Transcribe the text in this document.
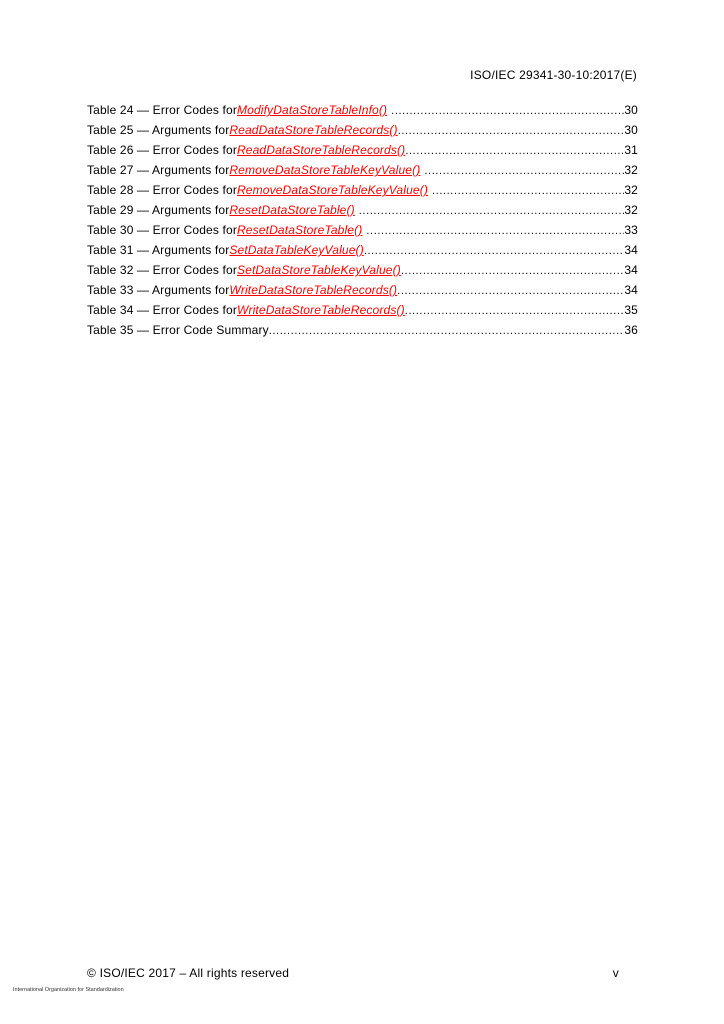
ISO/IEC 29341-30-10:2017(E)
Table 24 — Error Codes for ModifyDataStoreTableInfo() .....	30
Table 25 — Arguments for ReadDataStoreTableRecords() .....	30
Table 26 — Error Codes for ReadDataStoreTableRecords() .....	31
Table 27 — Arguments for RemoveDataStoreTableKeyValue() .....	32
Table 28 — Error Codes for RemoveDataStoreTableKeyValue() .....	32
Table 29 — Arguments for ResetDataStoreTable() .....	32
Table 30 — Error Codes for ResetDataStoreTable() .....	33
Table 31 — Arguments for SetDataTableKeyValue() .....	34
Table 32 — Error Codes for SetDataStoreTableKeyValue() .....	34
Table 33 — Arguments for WriteDataStoreTableRecords() .....	34
Table 34 — Error Codes for WriteDataStoreTableRecords() .....	35
Table 35 — Error Code Summary .....	36
© ISO/IEC 2017 – All rights reserved	v
International Organization for Standardization
